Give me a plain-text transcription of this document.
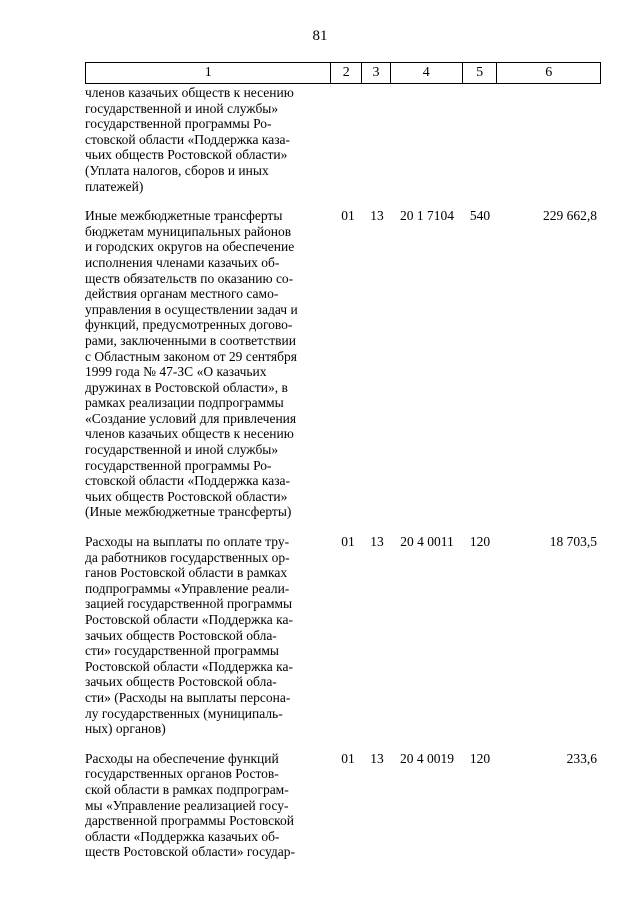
81
1	2	3	4	5	6
членов казачьих обществ к несению
государственной и иной службы»
государственной программы Ро-
стовской области «Поддержка каза-
чьих обществ Ростовской области»
(Уплата налогов, сборов и иных
платежей)
Иные межбюджетные трансферты
бюджетам муниципальных районов
и городских округов на обеспечение
исполнения членами казачьих об-
ществ обязательств по оказанию со-
действия органам местного само-
управления в осуществлении задач и
функций, предусмотренных догово-
рами, заключенными в соответствии
с Областным законом от 29 сентября
1999 года № 47-ЗС «О казачьих
дружинах в Ростовской области», в
рамках реализации подпрограммы
«Создание условий для привлечения
членов казачьих обществ к несению
государственной и иной службы»
государственной программы Ро-
стовской области «Поддержка каза-
чьих обществ Ростовской области»
(Иные межбюджетные трансферты)
01	13	20 1 7104	540	229 662,8
Расходы на выплаты по оплате тру-
да работников государственных ор-
ганов Ростовской области в рамках
подпрограммы «Управление реали-
зацией государственной программы
Ростовской области «Поддержка ка-
зачьих обществ Ростовской обла-
сти» государственной программы
Ростовской области «Поддержка ка-
зачьих обществ Ростовской обла-
сти» (Расходы на выплаты персона-
лу государственных (муниципаль-
ных) органов)
01	13	20 4 0011	120	18 703,5
Расходы на обеспечение функций
государственных органов Ростов-
ской области в рамках подпрограм-
мы «Управление реализацией госу-
дарственной программы Ростовской
области «Поддержка казачьих об-
ществ Ростовской области» государ-
01	13	20 4 0019	120	233,6
